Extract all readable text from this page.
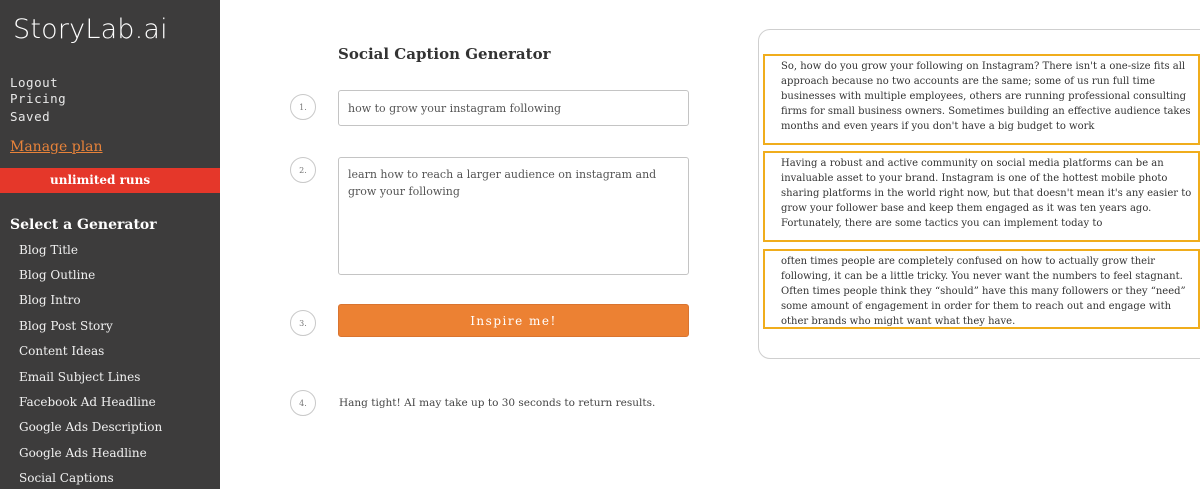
StoryLab.ai
Logout
Pricing
Saved
Manage plan
unlimited runs
Select a Generator
Blog Title
Blog Outline
Blog Intro
Blog Post Story
Content Ideas
Email Subject Lines
Facebook Ad Headline
Google Ads Description
Google Ads Headline
Social Captions
Social Caption Generator
1.
how to grow your instagram following
2.
learn how to reach a larger audience on instagram and grow your following
3.	Inspire me!
4.	Hang tight! AI may take up to 30 seconds to return results.
So, how do you grow your following on Instagram? There isn't a one-size fits all approach because no two accounts are the same; some of us run full time businesses with multiple employees, others are running professional consulting firms for small business owners. Sometimes building an effective audience takes months and even years if you don't have a big budget to work
Having a robust and active community on social media platforms can be an invaluable asset to your brand. Instagram is one of the hottest mobile photo sharing platforms in the world right now, but that doesn't mean it's any easier to grow your follower base and keep them engaged as it was ten years ago. Fortunately, there are some tactics you can implement today to
often times people are completely confused on how to actually grow their following, it can be a little tricky. You never want the numbers to feel stagnant. Often times people think they “should” have this many followers or they “need” some amount of engagement in order for them to reach out and engage with other brands who might want what they have.
